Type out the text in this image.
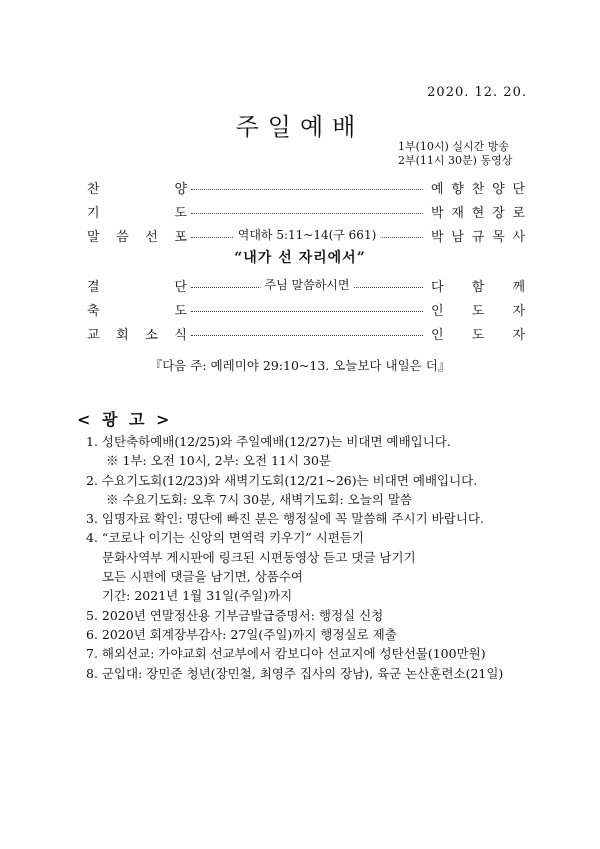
2020. 12. 20.
주일예배
1부(10시) 실시간 방송
2부(11시 30분) 동영상
찬	양	예 향 찬 양 단
기	도	박 재 현 장 로
말 씀 선 포	역대하 5:11~14(구 661)	박 남 규 목 사
결	단	주님 말씀하시면	다 함 께
축	도	인 도 자
교 회 소 식	인 도 자
“내가 선 자리에서”
『다음 주: 예레미야 29:10~13. 오늘보다 내일은 더』
< 광 고 >
1. 성탄축하예배(12/25)와 주일예배(12/27)는 비대면 예배입니다.
※ 1부: 오전 10시, 2부: 오전 11시 30분
2. 수요기도회(12/23)와 새벽기도회(12/21~26)는 비대면 예배입니다.
※ 수요기도회: 오후 7시 30분, 새벽기도회: 오늘의 말씀
3. 임명자료 확인: 명단에 빠진 분은 행정실에 꼭 말씀해 주시기 바랍니다.
4. “코로나 이기는 신앙의 면역력 키우기” 시편듣기
문화사역부 게시판에 링크된 시편동영상 듣고 댓글 남기기
모든 시편에 댓글을 남기면, 상품수여
기간: 2021년 1월 31일(주일)까지
5. 2020년 연말정산용 기부금발급증명서: 행정실 신청
6. 2020년 회계장부감사: 27일(주일)까지 행정실로 제출
7. 해외선교: 가야교회 선교부에서 캄보디아 선교지에 성탄선물(100만원)
8. 군입대: 장민준 청년(장민철, 최영주 집사의 장남), 육군 논산훈련소(21일)
